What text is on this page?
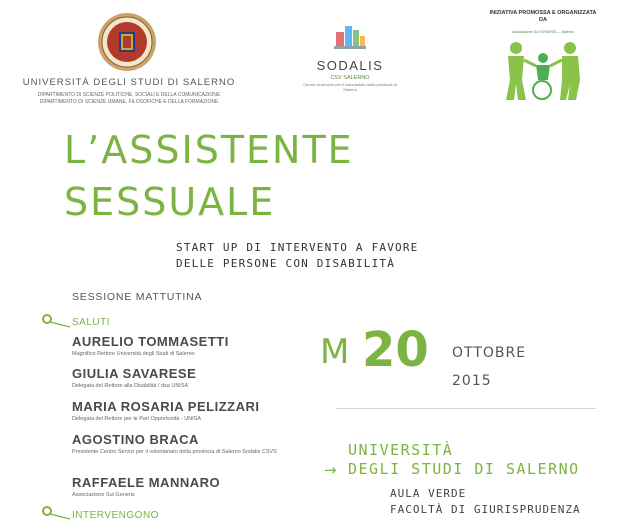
UNIVERSITÀ DEGLI STUDI DI SALERNO
DIPARTIMENTO DI SCIENZE POLITICHE, SOCIALI E DELLA COMUNICAZIONE
DIPARTIMENTO DI SCIENZE UMANE, FILOSOFICHE E DELLA FORMAZIONE
SODALIS
CSV SALERNO
Centro di servizio per il volontariato della provincia di Salerno
INIZIATIVA PROMOSSA E ORGANIZZATA DA
Associazione SUI GENERIS — Salerno
L’ASSISTENTE
SESSUALE
START UP DI INTERVENTO A FAVORE
DELLE PERSONE CON DISABILITÀ
SESSIONE MATTUTINA
SALUTI
AURELIO TOMMASETTI
Magnifico Rettore Università degli Studi di Salerno
GIULIA SAVARESE
Delegata del Rettore alla Disabilità / dsa UNISA
MARIA ROSARIA PELIZZARI
Delegata del Rettore per le Pari Opportunità - UNISA
AGOSTINO BRACA
Presidente Centro Servizi per il volontariato della provincia di Salerno Sodalis CSVS
RAFFAELE MANNARO
Associazione Sui Generis
INTERVENGONO
M 20 OTTOBRE
2015
UNIVERSITÀ
→ DEGLI STUDI DI SALERNO
AULA VERDE
FACOLTÀ DI GIURISPRUDENZA
